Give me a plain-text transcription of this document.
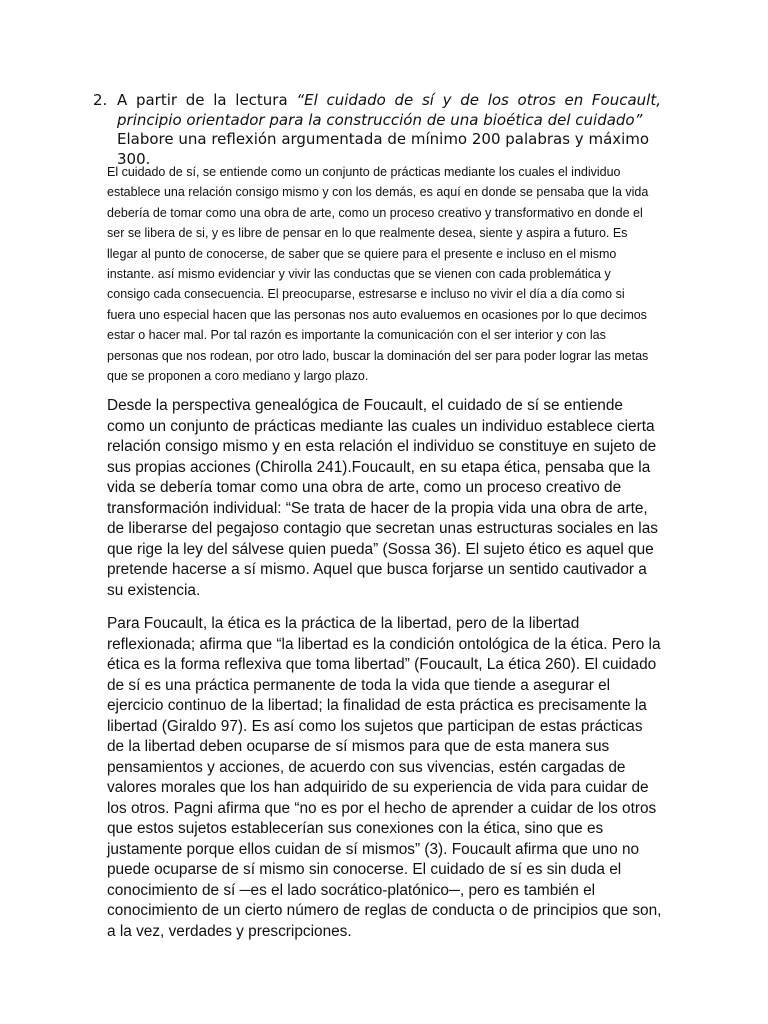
2. A partir de la lectura “El cuidado de sí y de los otros en Foucault, principio orientador para la construcción de una bioética del cuidado”
Elabore una reflexión argumentada de mínimo 200 palabras y máximo 300.

El cuidado de sí, se entiende como un conjunto de prácticas mediante los cuales el individuo establece una relación consigo mismo y con los demás, es aquí en donde se pensaba que la vida debería de tomar como una obra de arte, como un proceso creativo y transformativo en donde el ser se libera de si, y es libre de pensar en lo que realmente desea, siente y aspira a futuro. Es llegar al punto de conocerse, de saber que se quiere para el presente e incluso en el mismo instante. así mismo evidenciar y vivir las conductas que se vienen con cada problemática y consigo cada consecuencia. El preocuparse, estresarse e incluso no vivir el día a día como si fuera uno especial hacen que las personas nos auto evaluemos en ocasiones por lo que decimos estar o hacer mal. Por tal razón es importante la comunicación con el ser interior y con las personas que nos rodean, por otro lado, buscar la dominación del ser para poder lograr las metas que se proponen a coro mediano y largo plazo.

Desde la perspectiva genealógica de Foucault, el cuidado de sí se entiende como un conjunto de prácticas mediante las cuales un individuo establece cierta relación consigo mismo y en esta relación el individuo se constituye en sujeto de sus propias acciones (Chirolla 241).Foucault, en su etapa ética, pensaba que la vida se debería tomar como una obra de arte, como un proceso creativo de transformación individual: “Se trata de hacer de la propia vida una obra de arte, de liberarse del pegajoso contagio que secretan unas estructuras sociales en las que rige la ley del sálvese quien pueda” (Sossa 36). El sujeto ético es aquel que pretende hacerse a sí mismo. Aquel que busca forjarse un sentido cautivador a su existencia.

Para Foucault, la ética es la práctica de la libertad, pero de la libertad reflexionada; afirma que “la libertad es la condición ontológica de la ética. Pero la ética es la forma reflexiva que toma libertad” (Foucault, La ética 260). El cuidado de sí es una práctica permanente de toda la vida que tiende a asegurar el ejercicio continuo de la libertad; la finalidad de esta práctica es precisamente la libertad (Giraldo 97). Es así como los sujetos que participan de estas prácticas de la libertad deben ocuparse de sí mismos para que de esta manera sus pensamientos y acciones, de acuerdo con sus vivencias, estén cargadas de valores morales que los han adquirido de su experiencia de vida para cuidar de los otros. Pagni afirma que “no es por el hecho de aprender a cuidar de los otros que estos sujetos establecerían sus conexiones con la ética, sino que es justamente porque ellos cuidan de sí mismos” (3). Foucault afirma que uno no puede ocuparse de sí mismo sin conocerse. El cuidado de sí es sin duda el conocimiento de sí ─es el lado socrático-platónico─, pero es también el conocimiento de un cierto número de reglas de conducta o de principios que son, a la vez, verdades y prescripciones.
